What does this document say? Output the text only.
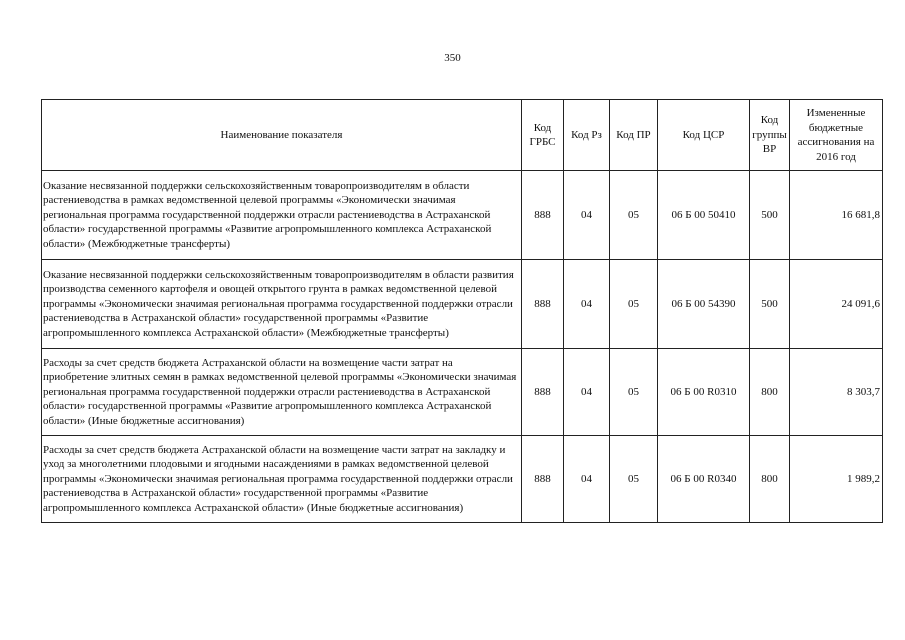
350
Наименование показателя	Код ГРБС	Код Рз	Код ПР	Код ЦСР	Код группы ВР	Измененные бюджетные ассигнования на 2016 год
Оказание несвязанной поддержки сельскохозяйственным товаропроизводителям в области растениеводства в рамках ведомственной целевой программы «Экономически значимая региональная программа государственной поддержки отрасли растениеводства в Астраханской области» государственной программы «Развитие агропромышленного комплекса Астраханской области» (Межбюджетные трансферты)	888	04	05	06 Б 00 50410	500	16 681,8
Оказание несвязанной поддержки сельскохозяйственным товаропроизводителям в области развития производства семенного картофеля и овощей открытого грунта в рамках ведомственной целевой программы «Экономически значимая региональная программа государственной поддержки отрасли растениеводства в Астраханской области» государственной программы «Развитие агропромышленного комплекса Астраханской области» (Межбюджетные трансферты)	888	04	05	06 Б 00 54390	500	24 091,6
Расходы за счет средств бюджета Астраханской области на возмещение части затрат на приобретение элитных семян в рамках ведомственной целевой программы «Экономически значимая региональная программа государственной поддержки отрасли растениеводства в Астраханской области» государственной программы «Развитие агропромышленного комплекса Астраханской области» (Иные бюджетные ассигнования)	888	04	05	06 Б 00 R0310	800	8 303,7
Расходы за счет средств бюджета Астраханской области на возмещение части затрат на закладку и уход за многолетними плодовыми и ягодными насаждениями в рамках ведомственной целевой программы «Экономически значимая региональная программа государственной поддержки отрасли растениеводства в Астраханской области» государственной программы «Развитие агропромышленного комплекса Астраханской области» (Иные бюджетные ассигнования)	888	04	05	06 Б 00 R0340	800	1 989,2
